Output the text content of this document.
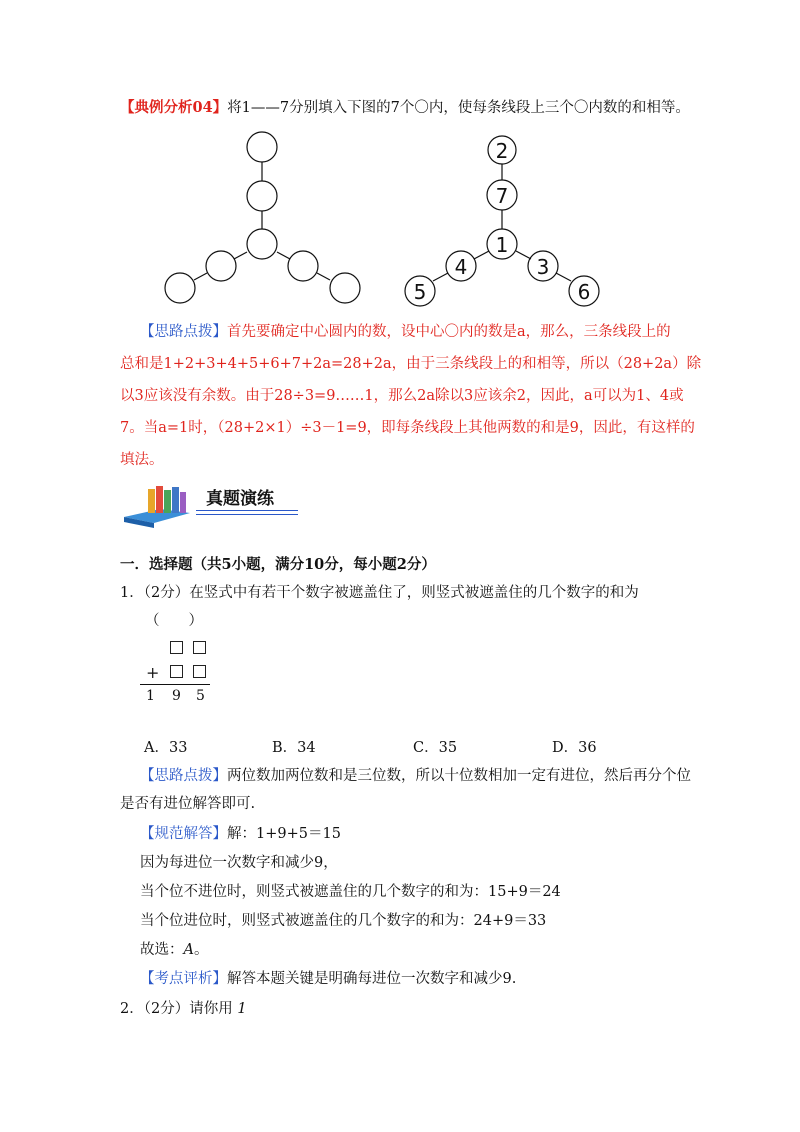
【典例分析04】将1——7分别填入下图的7个〇内，使每条线段上三个〇内数的和相等。
2
7
1
4
5
3
6
【思路点拨】首先要确定中心圆内的数，设中心〇内的数是a，那么，三条线段上的
总和是1+2+3+4+5+6+7+2a=28+2a，由于三条线段上的和相等，所以（28+2a）除
以3应该没有余数。由于28÷3=9……1，那么2a除以3应该余2，因此，a可以为1、4或
7。当a=1时，（28+2×1）÷3－1=9，即每条线段上其他两数的和是9，因此，有这样的
填法。
真题演练
一．选择题（共5小题，满分10分，每小题2分）
1．（2分）在竖式中有若干个数字被遮盖住了，则竖式被遮盖住的几个数字的和为
（　　）
+
1 9 5
A．33	B．34	C．35	D．36
【思路点拨】两位数加两位数和是三位数，所以十位数相加一定有进位，然后再分个位
是否有进位解答即可.
【规范解答】解：1+9+5＝15
因为每进位一次数字和减少9，
当个位不进位时，则竖式被遮盖住的几个数字的和为：15+9＝24
当个位进位时，则竖式被遮盖住的几个数字的和为：24+9＝33
故选：A。
【考点评析】解答本题关键是明确每进位一次数字和减少9.
2．（2分）请你用 1
